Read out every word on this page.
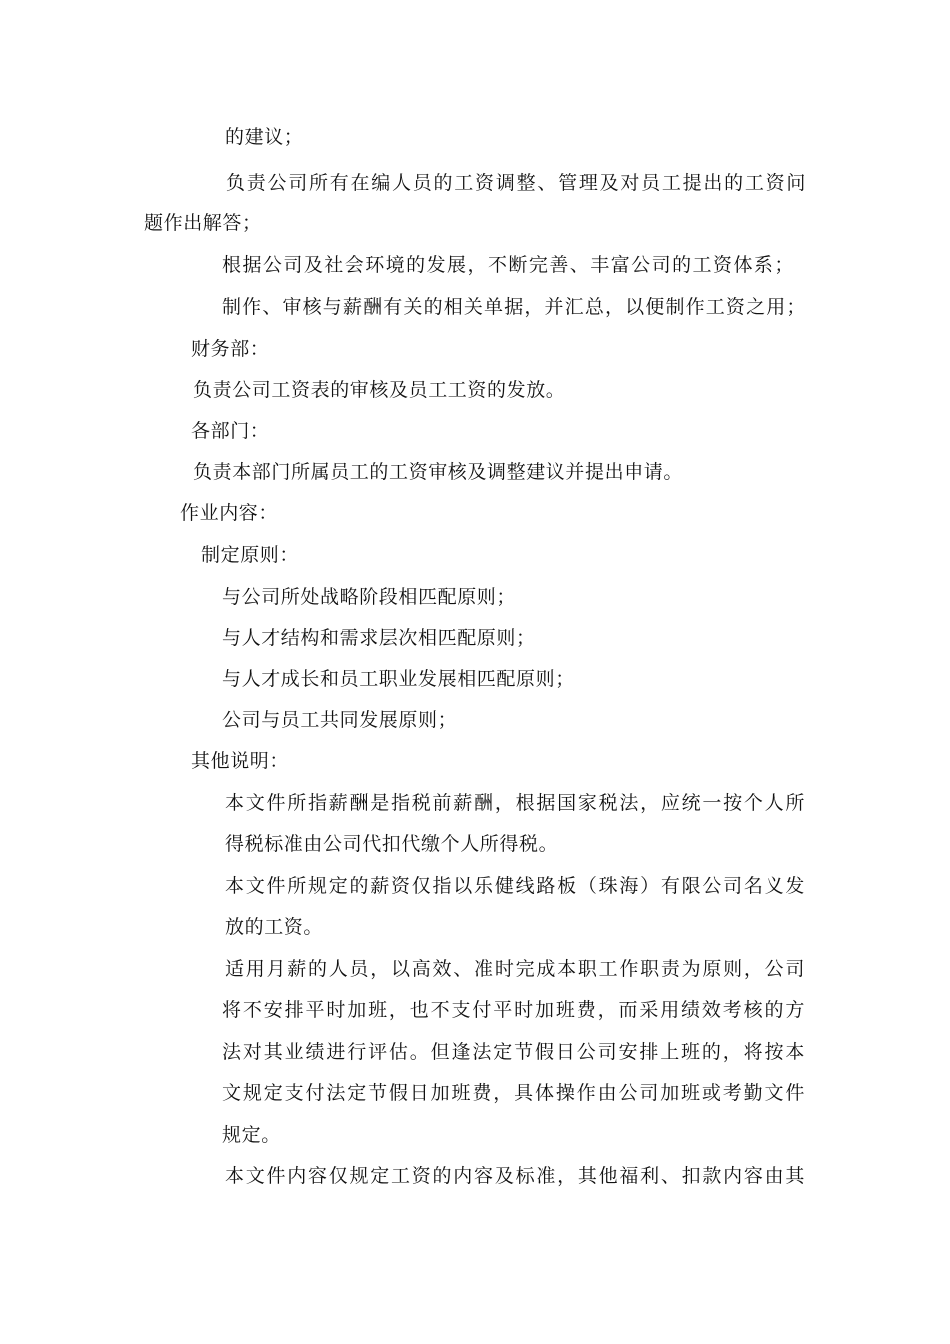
的建议；
负责公司所有在编人员的工资调整、管理及对员工提出的工资问
题作出解答；
根据公司及社会环境的发展，不断完善、丰富公司的工资体系；
制作、审核与薪酬有关的相关单据，并汇总，以便制作工资之用；
财务部：
负责公司工资表的审核及员工工资的发放。
各部门：
负责本部门所属员工的工资审核及调整建议并提出申请。
作业内容：
制定原则：
与公司所处战略阶段相匹配原则；
与人才结构和需求层次相匹配原则；
与人才成长和员工职业发展相匹配原则；
公司与员工共同发展原则；
其他说明：
本文件所指薪酬是指税前薪酬，根据国家税法，应统一按个人所
得税标准由公司代扣代缴个人所得税。
本文件所规定的薪资仅指以乐健线路板（珠海）有限公司名义发
放的工资。
适用月薪的人员，以高效、准时完成本职工作职责为原则，公司
将不安排平时加班，也不支付平时加班费，而采用绩效考核的方
法对其业绩进行评估。但逢法定节假日公司安排上班的，将按本
文规定支付法定节假日加班费，具体操作由公司加班或考勤文件
规定。
本文件内容仅规定工资的内容及标准，其他福利、扣款内容由其
